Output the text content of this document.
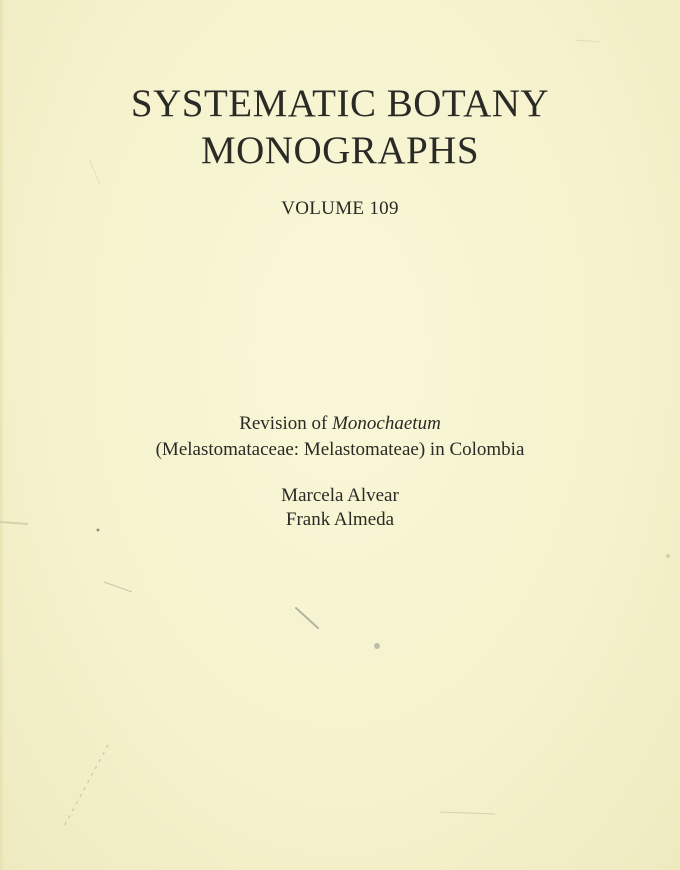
SYSTEMATIC BOTANY
MONOGRAPHS
VOLUME 109
Revision of Monochaetum
(Melastomataceae: Melastomateae) in Colombia
Marcela Alvear
Frank Almeda
